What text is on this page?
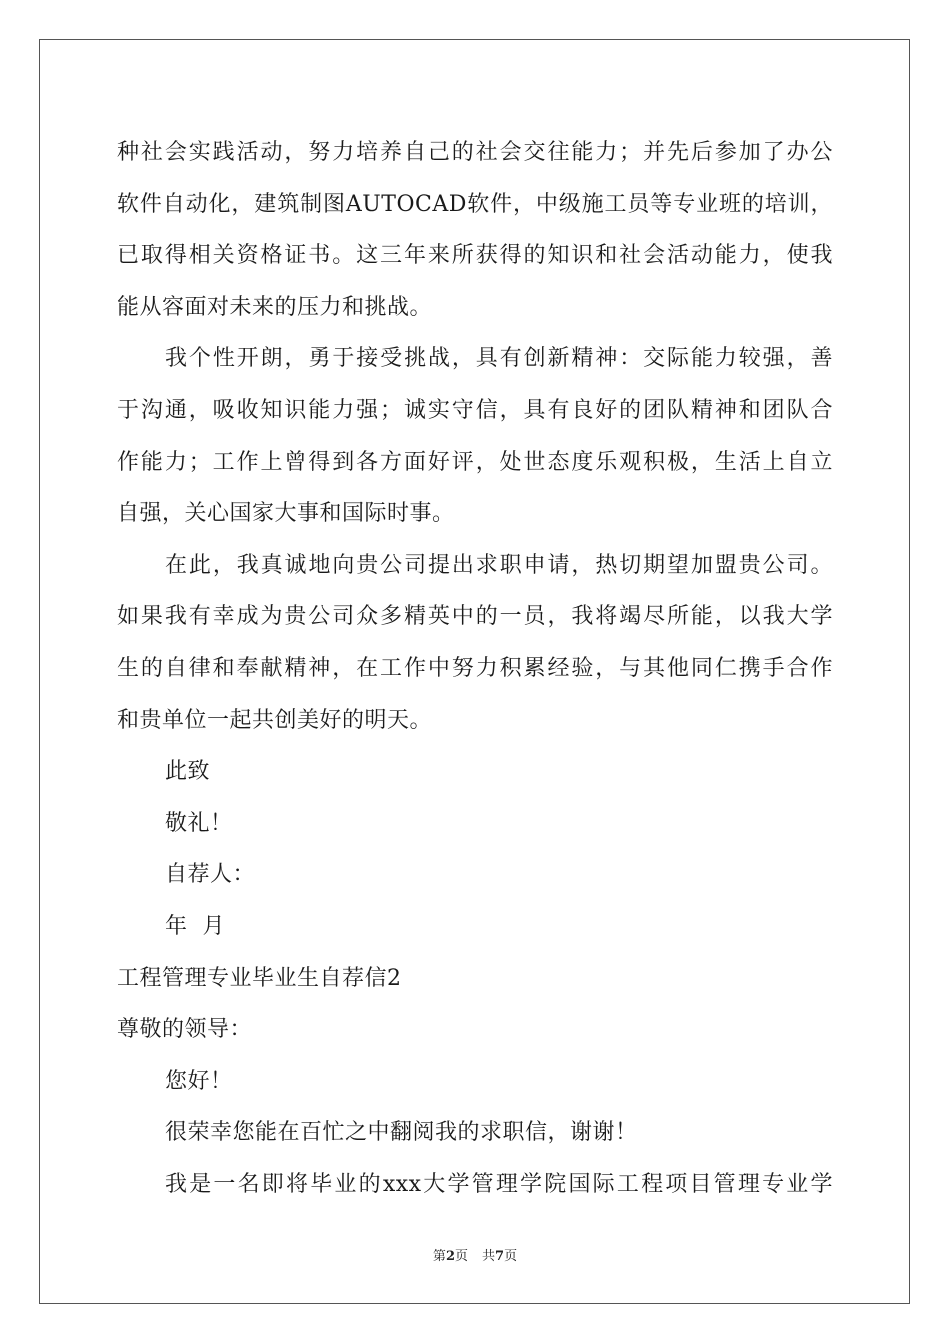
种社会实践活动，努力培养自己的社会交往能力；并先后参加了办公
软件自动化，建筑制图AUTOCAD软件，中级施工员等专业班的培训，
已取得相关资格证书。这三年来所获得的知识和社会活动能力，使我
能从容面对未来的压力和挑战。
我个性开朗，勇于接受挑战，具有创新精神：交际能力较强，善
于沟通，吸收知识能力强；诚实守信，具有良好的团队精神和团队合
作能力；工作上曾得到各方面好评，处世态度乐观积极，生活上自立
自强，关心国家大事和国际时事。
在此，我真诚地向贵公司提出求职申请，热切期望加盟贵公司。
如果我有幸成为贵公司众多精英中的一员，我将竭尽所能，以我大学
生的自律和奉献精神，在工作中努力积累经验，与其他同仁携手合作
和贵单位一起共创美好的明天。
此致
敬礼！
自荐人：
年  月
工程管理专业毕业生自荐信2
尊敬的领导：
您好！
很荣幸您能在百忙之中翻阅我的求职信，谢谢！
我是一名即将毕业的xxx大学管理学院国际工程项目管理专业学
第2页 共7页
